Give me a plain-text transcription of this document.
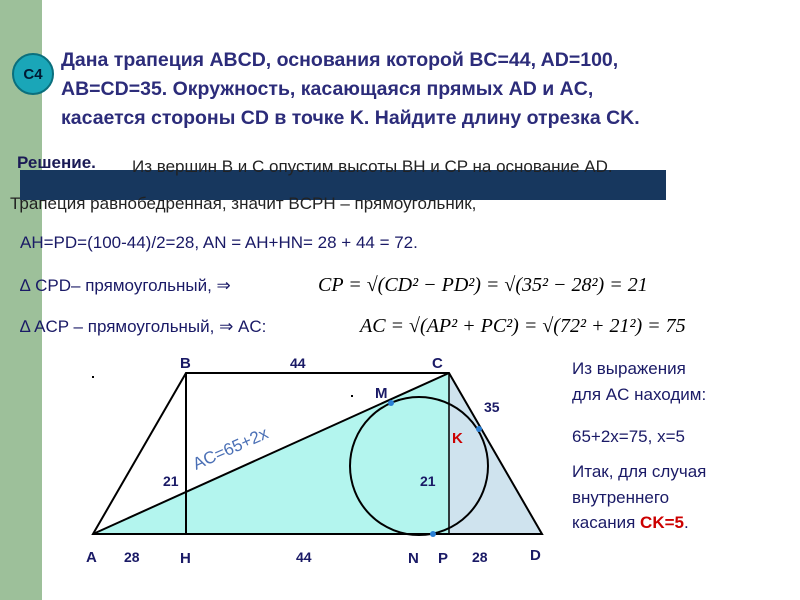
C4
Дана трапеция ABCD, основания которой BC=44, AD=100,
AB=CD=35. Окружность, касающаяся прямых AD и AC,
касается стороны CD в точке K. Найдите длину отрезка CK.
Решение. Из вершин B и C опустим высоты BH и CP на основание AD.
Трапеция равнобедренная, значит BCPH – прямоугольник,
AH=PD=(100-44)/2=28, AN = AH+HN= 28 + 44 = 72.
∆ CPD– прямоугольный, ⇒
∆ ACP – прямоугольный, ⇒ AC:
CP = √(CD² − PD²) = √(35² − 28²) = 21
AC = √(AP² + PC²) = √(72² + 21²) = 75
B	C
A	D
H	N P
M
K
44
35
28	44	28
21	21
AC=65+2x
Из выражения
для AC находим:
65+2x=75, x=5
Итак, для случая
внутреннего
касания CK=5.
